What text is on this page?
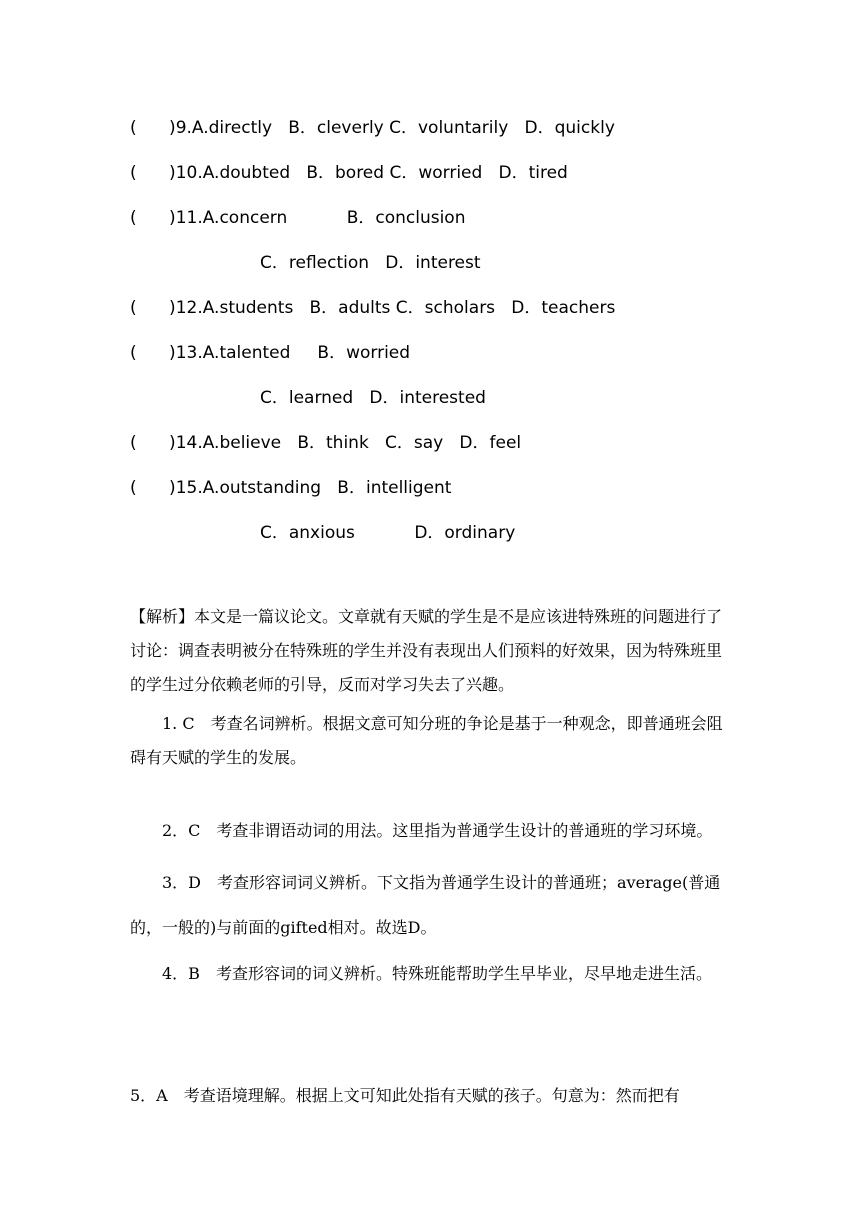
(      )9.A.directly   B．cleverly C．voluntarily   D．quickly
(      )10.A.doubted   B．bored C．worried   D．tired
(      )11.A.concern           B．conclusion
C．reflection   D．interest
(      )12.A.students   B．adults C．scholars   D．teachers
(      )13.A.talented     B．worried
C．learned   D．interested
(      )14.A.believe   B．think   C．say   D．feel
(      )15.A.outstanding   B．intelligent
C．anxious           D．ordinary
【解析】本文是一篇议论文。文章就有天赋的学生是不是应该进特殊班的问题进行了讨论：调查表明被分在特殊班的学生并没有表现出人们预料的好效果，因为特殊班里的学生过分依赖老师的引导，反而对学习失去了兴趣。
1. C　考查名词辨析。根据文意可知分班的争论是基于一种观念，即普通班会阻碍有天赋的学生的发展。
2．C　考查非谓语动词的用法。这里指为普通学生设计的普通班的学习环境。
3．D　考查形容词词义辨析。下文指为普通学生设计的普通班；average(普通的，一般的)与前面的gifted相对。故选D。
4．B　考查形容词的词义辨析。特殊班能帮助学生早毕业，尽早地走进生活。
5．A　考查语境理解。根据上文可知此处指有天赋的孩子。句意为：然而把有
